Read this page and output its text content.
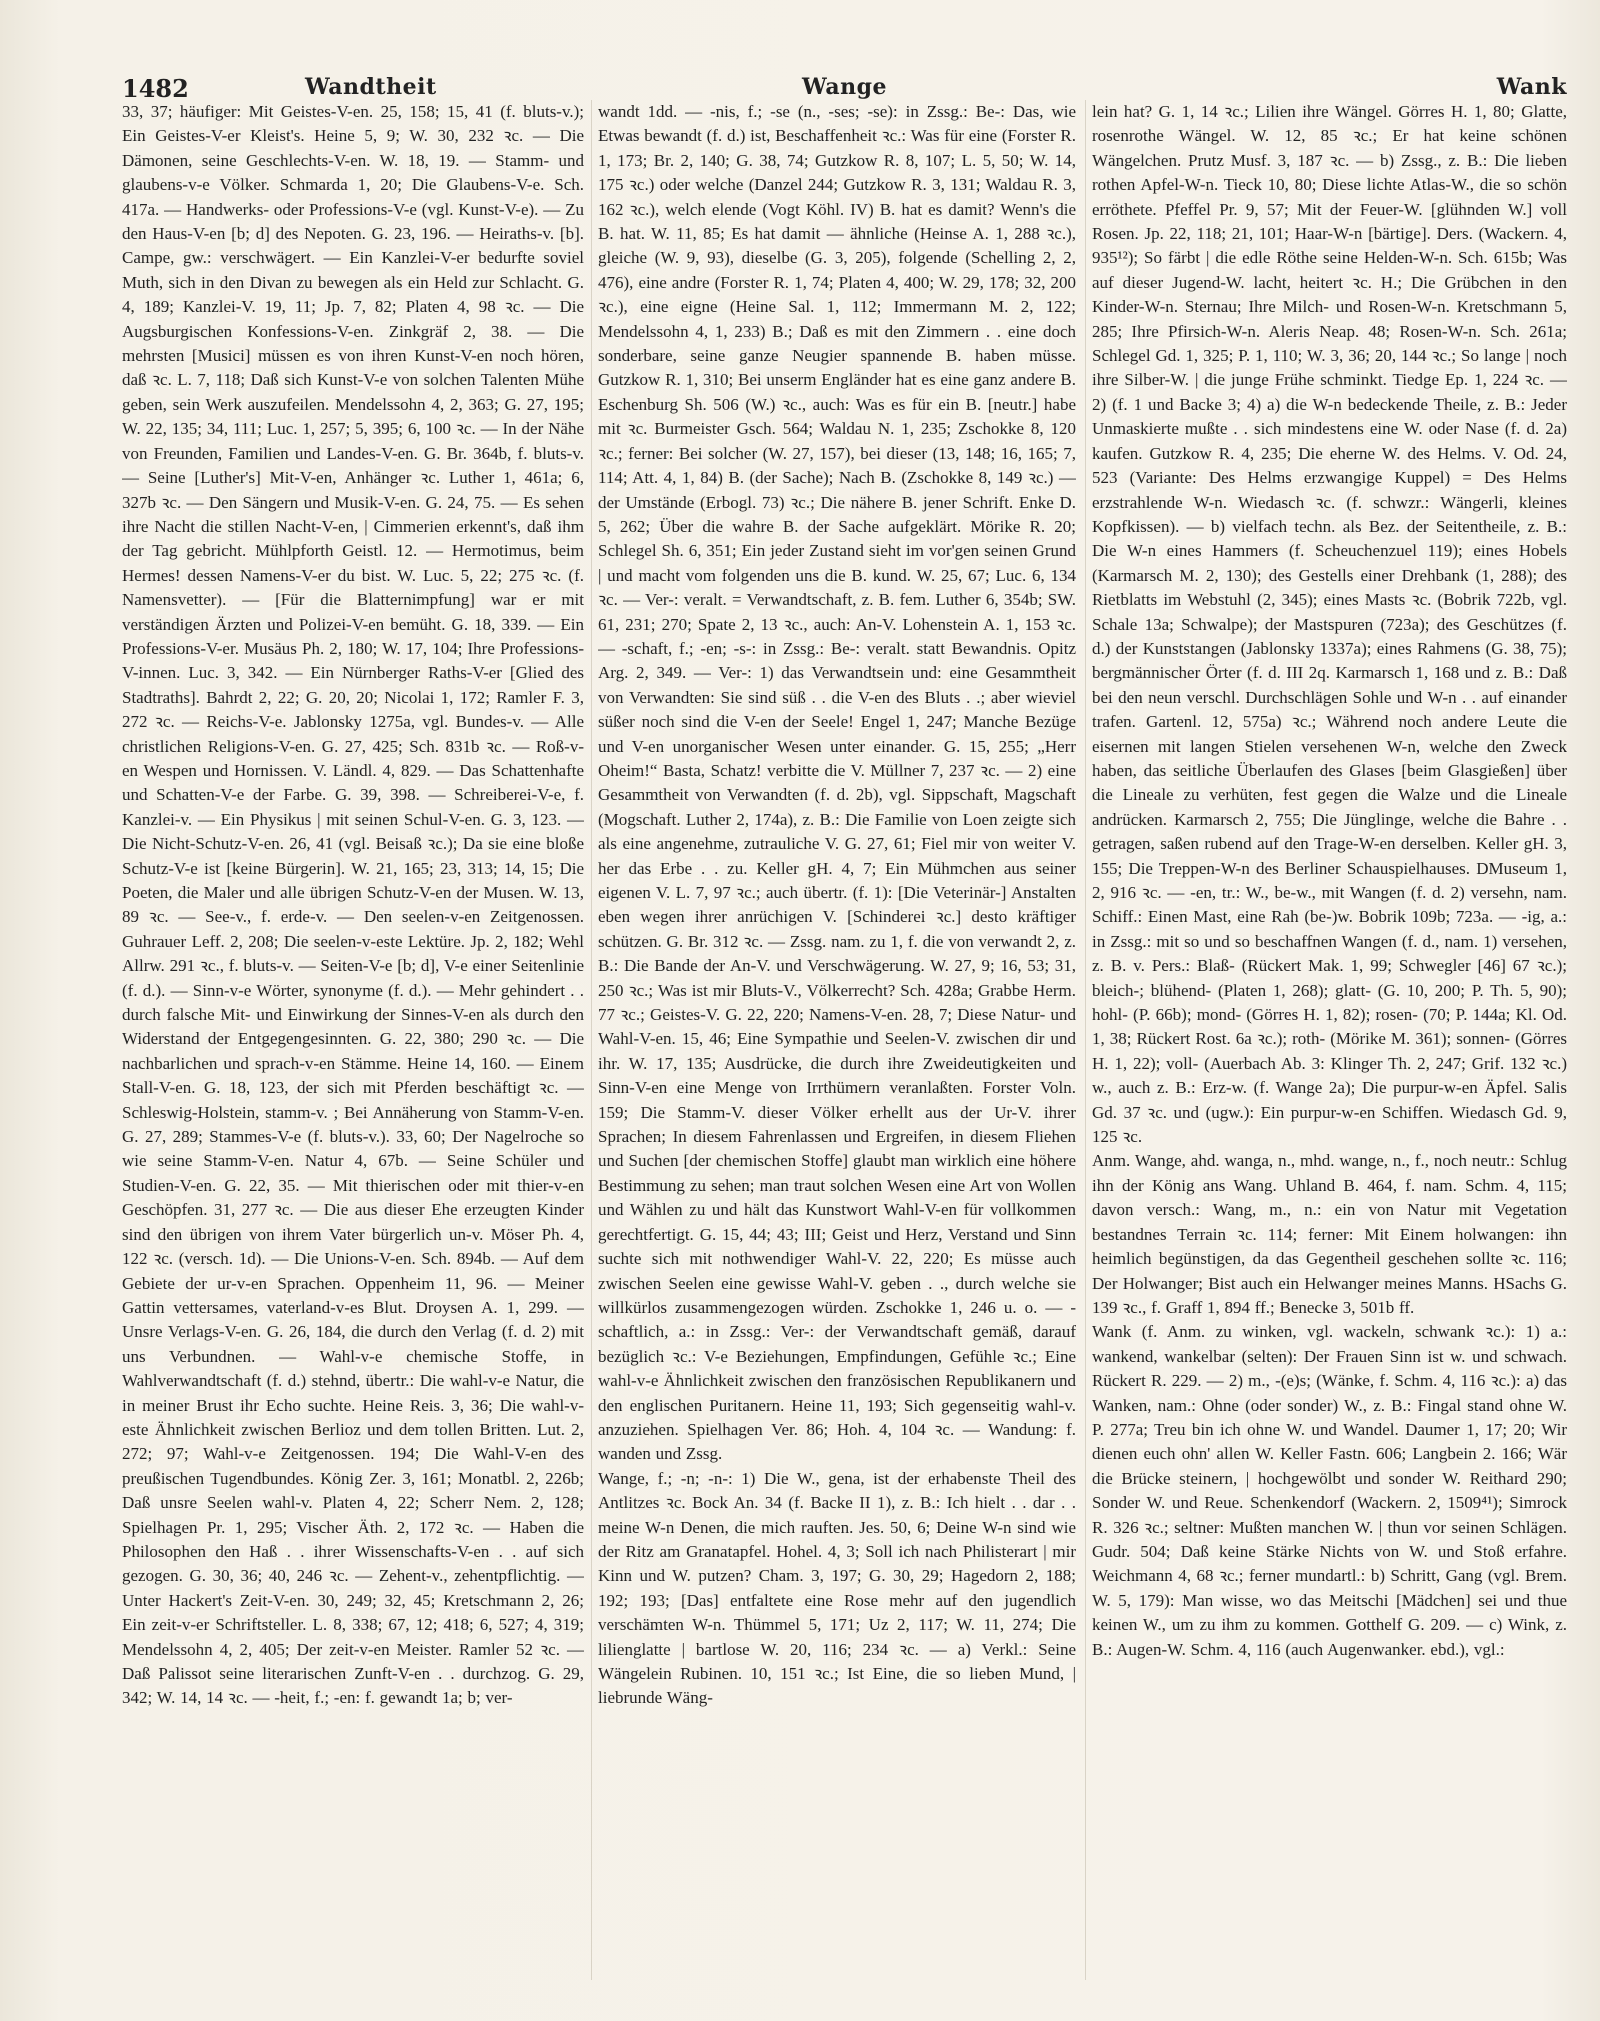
1482	Wandtheit	Wange	Wank

33, 37; häufiger: Mit Geistes-V-en. 25, 158; 15, 41 (f. bluts-v.); Ein Geistes-V-er Kleist's. Heine 5, 9; W. 30, 232 ꝛc. — Die Dämonen, seine Geschlechts-V-en. W. 18, 19. — Stamm- und glaubens-v-e Völker. Schmarda 1, 20; Die Glaubens-V-e. Sch. 417a. — Handwerks- oder Professions-V-e (vgl. Kunst-V-e). — Zu den Haus-V-en [b; d] des Nepoten. G. 23, 196. — Heiraths-v. [b]. Campe, gw.: verschwägert. — Ein Kanzlei-V-er bedurfte soviel Muth, sich in den Divan zu bewegen als ein Held zur Schlacht. G. 4, 189; Kanzlei-V. 19, 11; Jp. 7, 82; Platen 4, 98 ꝛc. — Die Augsburgischen Konfessions-V-en. Zinkgräf 2, 38. — Die mehrsten [Musici] müssen es von ihren Kunst-V-en noch hören, daß ꝛc. L. 7, 118; Daß sich Kunst-V-e von solchen Talenten Mühe geben, sein Werk auszufeilen. Mendelssohn 4, 2, 363; G. 27, 195; W. 22, 135; 34, 111; Luc. 1, 257; 5, 395; 6, 100 ꝛc. — In der Nähe von Freunden, Familien und Landes-V-en. G. Br. 364b, f. bluts-v. — Seine [Luther's] Mit-V-en, Anhänger ꝛc. Luther 1, 461a; 6, 327b ꝛc. — Den Sängern und Musik-V-en. G. 24, 75. — Es sehen ihre Nacht die stillen Nacht-V-en, | Cimmerien erkennt's, daß ihm der Tag gebricht. Mühlpforth Geistl. 12. — Hermotimus, beim Hermes! dessen Namens-V-er du bist. W. Luc. 5, 22; 275 ꝛc. (f. Namensvetter). — [Für die Blatternimpfung] war er mit verständigen Ärzten und Polizei-V-en bemüht. G. 18, 339. — Ein Professions-V-er. Musäus Ph. 2, 180; W. 17, 104; Ihre Professions-V-innen. Luc. 3, 342. — Ein Nürnberger Raths-V-er [Glied des Stadtraths]. Bahrdt 2, 22; G. 20, 20; Nicolai 1, 172; Ramler F. 3, 272 ꝛc. — Reichs-V-e. Jablonsky 1275a, vgl. Bundes-v. — Alle christlichen Religions-V-en. G. 27, 425; Sch. 831b ꝛc. — Roß-v-en Wespen und Hornissen. V. Ländl. 4, 829. — Das Schattenhafte und Schatten-V-e der Farbe. G. 39, 398. — Schreiberei-V-e, f. Kanzlei-v. — Ein Physikus | mit seinen Schul-V-en. G. 3, 123. — Die Nicht-Schutz-V-en. 26, 41 (vgl. Beisaß ꝛc.); Da sie eine bloße Schutz-V-e ist [keine Bürgerin]. W. 21, 165; 23, 313; 14, 15; Die Poeten, die Maler und alle übrigen Schutz-V-en der Musen. W. 13, 89 ꝛc. — See-v., f. erde-v. — Den seelen-v-en Zeitgenossen. Guhrauer Leff. 2, 208; Die seelen-v-este Lektüre. Jp. 2, 182; Wehl Allrw. 291 ꝛc., f. bluts-v. — Seiten-V-e [b; d], V-e einer Seitenlinie (f. d.). — Sinn-v-e Wörter, synonyme (f. d.). — Mehr gehindert . . durch falsche Mit- und Einwirkung der Sinnes-V-en als durch den Widerstand der Entgegengesinnten. G. 22, 380; 290 ꝛc. — Die nachbarlichen und sprach-v-en Stämme. Heine 14, 160. — Einem Stall-V-en. G. 18, 123, der sich mit Pferden beschäftigt ꝛc. — Schleswig-Holstein, stamm-v. ; Bei Annäherung von Stamm-V-en. G. 27, 289; Stammes-V-e (f. bluts-v.). 33, 60; Der Nagelroche so wie seine Stamm-V-en. Natur 4, 67b. — Seine Schüler und Studien-V-en. G. 22, 35. — Mit thierischen oder mit thier-v-en Geschöpfen. 31, 277 ꝛc. — Die aus dieser Ehe erzeugten Kinder sind den übrigen von ihrem Vater bürgerlich un-v. Möser Ph. 4, 122 ꝛc. (versch. 1d). — Die Unions-V-en. Sch. 894b. — Auf dem Gebiete der ur-v-en Sprachen. Oppenheim 11, 96. — Meiner Gattin vettersames, vaterland-v-es Blut. Droysen A. 1, 299. — Unsre Verlags-V-en. G. 26, 184, die durch den Verlag (f. d. 2) mit uns Verbundnen. — Wahl-v-e chemische Stoffe, in Wahlverwandtschaft (f. d.) stehnd, übertr.: Die wahl-v-e Natur, die in meiner Brust ihr Echo suchte. Heine Reis. 3, 36; Die wahl-v-este Ähnlichkeit zwischen Berlioz und dem tollen Britten. Lut. 2, 272; 97; Wahl-v-e Zeitgenossen. 194; Die Wahl-V-en des preußischen Tugendbundes. König Zer. 3, 161; Monatbl. 2, 226b; Daß unsre Seelen wahl-v. Platen 4, 22; Scherr Nem. 2, 128; Spielhagen Pr. 1, 295; Vischer Äth. 2, 172 ꝛc. — Haben die Philosophen den Haß . . ihrer Wissenschafts-V-en . . auf sich gezogen. G. 30, 36; 40, 246 ꝛc. — Zehent-v., zehentpflichtig. — Unter Hackert's Zeit-V-en. 30, 249; 32, 45; Kretschmann 2, 26; Ein zeit-v-er Schriftsteller. L. 8, 338; 67, 12; 418; 6, 527; 4, 319; Mendelssohn 4, 2, 405; Der zeit-v-en Meister. Ramler 52 ꝛc. — Daß Palissot seine literarischen Zunft-V-en . . durchzog. G. 29, 342; W. 14, 14 ꝛc. — -heit, f.; -en: f. gewandt 1a; b; ver-

wandt 1dd. — -nis, f.; -se (n., -ses; -se): in Zssg.: Be-: Das, wie Etwas bewandt (f. d.) ist, Beschaffenheit ꝛc.: Was für eine (Forster R. 1, 173; Br. 2, 140; G. 38, 74; Gutzkow R. 8, 107; L. 5, 50; W. 14, 175 ꝛc.) oder welche (Danzel 244; Gutzkow R. 3, 131; Waldau R. 3, 162 ꝛc.), welch elende (Vogt Köhl. IV) B. hat es damit? Wenn's die B. hat. W. 11, 85; Es hat damit — ähnliche (Heinse A. 1, 288 ꝛc.), gleiche (W. 9, 93), dieselbe (G. 3, 205), folgende (Schelling 2, 2, 476), eine andre (Forster R. 1, 74; Platen 4, 400; W. 29, 178; 32, 200 ꝛc.), eine eigne (Heine Sal. 1, 112; Immermann M. 2, 122; Mendelssohn 4, 1, 233) B.; Daß es mit den Zimmern . . eine doch sonderbare, seine ganze Neugier spannende B. haben müsse. Gutzkow R. 1, 310; Bei unserm Engländer hat es eine ganz andere B. Eschenburg Sh. 506 (W.) ꝛc., auch: Was es für ein B. [neutr.] habe mit ꝛc. Burmeister Gsch. 564; Waldau N. 1, 235; Zschokke 8, 120 ꝛc.; ferner: Bei solcher (W. 27, 157), bei dieser (13, 148; 16, 165; 7, 114; Att. 4, 1, 84) B. (der Sache); Nach B. (Zschokke 8, 149 ꝛc.) — der Umstände (Erbogl. 73) ꝛc.; Die nähere B. jener Schrift. Enke D. 5, 262; Über die wahre B. der Sache aufgeklärt. Mörike R. 20; Schlegel Sh. 6, 351; Ein jeder Zustand sieht im vor'gen seinen Grund | und macht vom folgenden uns die B. kund. W. 25, 67; Luc. 6, 134 ꝛc. — Ver-: veralt. = Verwandtschaft, z. B. fem. Luther 6, 354b; SW. 61, 231; 270; Spate 2, 13 ꝛc., auch: An-V. Lohenstein A. 1, 153 ꝛc. — -schaft, f.; -en; -s-: in Zssg.: Be-: veralt. statt Bewandnis. Opitz Arg. 2, 349. — Ver-: 1) das Verwandtsein und: eine Gesammtheit von Verwandten: Sie sind süß . . die V-en des Bluts . .; aber wieviel süßer noch sind die V-en der Seele! Engel 1, 247; Manche Bezüge und V-en unorganischer Wesen unter einander. G. 15, 255; „Herr Oheim!“ Basta, Schatz! verbitte die V. Müllner 7, 237 ꝛc. — 2) eine Gesammtheit von Verwandten (f. d. 2b), vgl. Sippschaft, Magschaft (Mogschaft. Luther 2, 174a), z. B.: Die Familie von Loen zeigte sich als eine angenehme, zutrauliche V. G. 27, 61; Fiel mir von weiter V. her das Erbe . . zu. Keller gH. 4, 7; Ein Mühmchen aus seiner eigenen V. L. 7, 97 ꝛc.; auch übertr. (f. 1): [Die Veterinär-] Anstalten eben wegen ihrer anrüchigen V. [Schinderei ꝛc.] desto kräftiger schützen. G. Br. 312 ꝛc. — Zssg. nam. zu 1, f. die von verwandt 2, z. B.: Die Bande der An-V. und Verschwägerung. W. 27, 9; 16, 53; 31, 250 ꝛc.; Was ist mir Bluts-V., Völkerrecht? Sch. 428a; Grabbe Herm. 77 ꝛc.; Geistes-V. G. 22, 220; Namens-V-en. 28, 7; Diese Natur- und Wahl-V-en. 15, 46; Eine Sympathie und Seelen-V. zwischen dir und ihr. W. 17, 135; Ausdrücke, die durch ihre Zweideutigkeiten und Sinn-V-en eine Menge von Irrthümern veranlaßten. Forster Voln. 159; Die Stamm-V. dieser Völker erhellt aus der Ur-V. ihrer Sprachen; In diesem Fahrenlassen und Ergreifen, in diesem Fliehen und Suchen [der chemischen Stoffe] glaubt man wirklich eine höhere Bestimmung zu sehen; man traut solchen Wesen eine Art von Wollen und Wählen zu und hält das Kunstwort Wahl-V-en für vollkommen gerechtfertigt. G. 15, 44; 43; III; Geist und Herz, Verstand und Sinn suchte sich mit nothwendiger Wahl-V. 22, 220; Es müsse auch zwischen Seelen eine gewisse Wahl-V. geben . ., durch welche sie willkürlos zusammengezogen würden. Zschokke 1, 246 u. o. — -schaftlich, a.: in Zssg.: Ver-: der Verwandtschaft gemäß, darauf bezüglich ꝛc.: V-e Beziehungen, Empfindungen, Gefühle ꝛc.; Eine wahl-v-e Ähnlichkeit zwischen den französischen Republikanern und den englischen Puritanern. Heine 11, 193; Sich gegenseitig wahl-v. anzuziehen. Spielhagen Ver. 86; Hoh. 4, 104 ꝛc. — Wandung: f. wanden und Zssg.

Wange, f.; -n; -n-: 1) Die W., gena, ist der erhabenste Theil des Antlitzes ꝛc. Bock An. 34 (f. Backe II 1), z. B.: Ich hielt . . dar . . meine W-n Denen, die mich rauften. Jes. 50, 6; Deine W-n sind wie der Ritz am Granatapfel. Hohel. 4, 3; Soll ich nach Philisterart | mir Kinn und W. putzen? Cham. 3, 197; G. 30, 29; Hagedorn 2, 188; 192; 193; [Das] entfaltete eine Rose mehr auf den jugendlich verschämten W-n. Thümmel 5, 171; Uz 2, 117; W. 11, 274; Die lilienglatte | bartlose W. 20, 116; 234 ꝛc. — a) Verkl.: Seine Wängelein Rubinen. 10, 151 ꝛc.; Ist Eine, die so lieben Mund, | liebrunde Wäng-

lein hat? G. 1, 14 ꝛc.; Lilien ihre Wängel. Görres H. 1, 80; Glatte, rosenrothe Wängel. W. 12, 85 ꝛc.; Er hat keine schönen Wängelchen. Prutz Musf. 3, 187 ꝛc. — b) Zssg., z. B.: Die lieben rothen Apfel-W-n. Tieck 10, 80; Diese lichte Atlas-W., die so schön erröthete. Pfeffel Pr. 9, 57; Mit der Feuer-W. [glühnden W.] voll Rosen. Jp. 22, 118; 21, 101; Haar-W-n [bärtige]. Ders. (Wackern. 4, 935¹²); So färbt | die edle Röthe seine Helden-W-n. Sch. 615b; Was auf dieser Jugend-W. lacht, heitert ꝛc. H.; Die Grübchen in den Kinder-W-n. Sternau; Ihre Milch- und Rosen-W-n. Kretschmann 5, 285; Ihre Pfirsich-W-n. Aleris Neap. 48; Rosen-W-n. Sch. 261a; Schlegel Gd. 1, 325; P. 1, 110; W. 3, 36; 20, 144 ꝛc.; So lange | noch ihre Silber-W. | die junge Frühe schminkt. Tiedge Ep. 1, 224 ꝛc. — 2) (f. 1 und Backe 3; 4) a) die W-n bedeckende Theile, z. B.: Jeder Unmaskierte mußte . . sich mindestens eine W. oder Nase (f. d. 2a) kaufen. Gutzkow R. 4, 235; Die eherne W. des Helms. V. Od. 24, 523 (Variante: Des Helms erzwangige Kuppel) = Des Helms erzstrahlende W-n. Wiedasch ꝛc. (f. schwzr.: Wängerli, kleines Kopfkissen). — b) vielfach techn. als Bez. der Seitentheile, z. B.: Die W-n eines Hammers (f. Scheuchenzuel 119); eines Hobels (Karmarsch M. 2, 130); des Gestells einer Drehbank (1, 288); des Rietblatts im Webstuhl (2, 345); eines Masts ꝛc. (Bobrik 722b, vgl. Schale 13a; Schwalpe); der Mastspuren (723a); des Geschützes (f. d.) der Kunststangen (Jablonsky 1337a); eines Rahmens (G. 38, 75); bergmännischer Örter (f. d. III 2q. Karmarsch 1, 168 und z. B.: Daß bei den neun verschl. Durchschlägen Sohle und W-n . . auf einander trafen. Gartenl. 12, 575a) ꝛc.; Während noch andere Leute die eisernen mit langen Stielen versehenen W-n, welche den Zweck haben, das seitliche Überlaufen des Glases [beim Glasgießen] über die Lineale zu verhüten, fest gegen die Walze und die Lineale andrücken. Karmarsch 2, 755; Die Jünglinge, welche die Bahre . . getragen, saßen rubend auf den Trage-W-en derselben. Keller gH. 3, 155; Die Treppen-W-n des Berliner Schauspielhauses. DMuseum 1, 2, 916 ꝛc. — -en, tr.: W., be-w., mit Wangen (f. d. 2) versehn, nam. Schiff.: Einen Mast, eine Rah (be-)w. Bobrik 109b; 723a. — -ig, a.: in Zssg.: mit so und so beschaffnen Wangen (f. d., nam. 1) versehen, z. B. v. Pers.: Blaß- (Rückert Mak. 1, 99; Schwegler [46] 67 ꝛc.); bleich-; blühend- (Platen 1, 268); glatt- (G. 10, 200; P. Th. 5, 90); hohl- (P. 66b); mond- (Görres H. 1, 82); rosen- (70; P. 144a; Kl. Od. 1, 38; Rückert Rost. 6a ꝛc.); roth- (Mörike M. 361); sonnen- (Görres H. 1, 22); voll- (Auerbach Ab. 3: Klinger Th. 2, 247; Grif. 132 ꝛc.) w., auch z. B.: Erz-w. (f. Wange 2a); Die purpur-w-en Äpfel. Salis Gd. 37 ꝛc. und (ugw.): Ein purpur-w-en Schiffen. Wiedasch Gd. 9, 125 ꝛc.

Anm. Wange, ahd. wanga, n., mhd. wange, n., f., noch neutr.: Schlug ihn der König ans Wang. Uhland B. 464, f. nam. Schm. 4, 115; davon versch.: Wang, m., n.: ein von Natur mit Vegetation bestandnes Terrain ꝛc. 114; ferner: Mit Einem holwangen: ihn heimlich begünstigen, da das Gegentheil geschehen sollte ꝛc. 116; Der Holwanger; Bist auch ein Helwanger meines Manns. HSachs G. 139 ꝛc., f. Graff 1, 894 ff.; Benecke 3, 501b ff.

Wank (f. Anm. zu winken, vgl. wackeln, schwank ꝛc.): 1) a.: wankend, wankelbar (selten): Der Frauen Sinn ist w. und schwach. Rückert R. 229. — 2) m., -(e)s; (Wänke, f. Schm. 4, 116 ꝛc.): a) das Wanken, nam.: Ohne (oder sonder) W., z. B.: Fingal stand ohne W. P. 277a; Treu bin ich ohne W. und Wandel. Daumer 1, 17; 20; Wir dienen euch ohn' allen W. Keller Fastn. 606; Langbein 2. 166; Wär die Brücke steinern, | hochgewölbt und sonder W. Reithard 290; Sonder W. und Reue. Schenkendorf (Wackern. 2, 1509⁴¹); Simrock R. 326 ꝛc.; seltner: Mußten manchen W. | thun vor seinen Schlägen. Gudr. 504; Daß keine Stärke Nichts von W. und Stoß erfahre. Weichmann 4, 68 ꝛc.; ferner mundartl.: b) Schritt, Gang (vgl. Brem. W. 5, 179): Man wisse, wo das Meitschi [Mädchen] sei und thue keinen W., um zu ihm zu kommen. Gotthelf G. 209. — c) Wink, z. B.: Augen-W. Schm. 4, 116 (auch Augenwanker. ebd.), vgl.:
